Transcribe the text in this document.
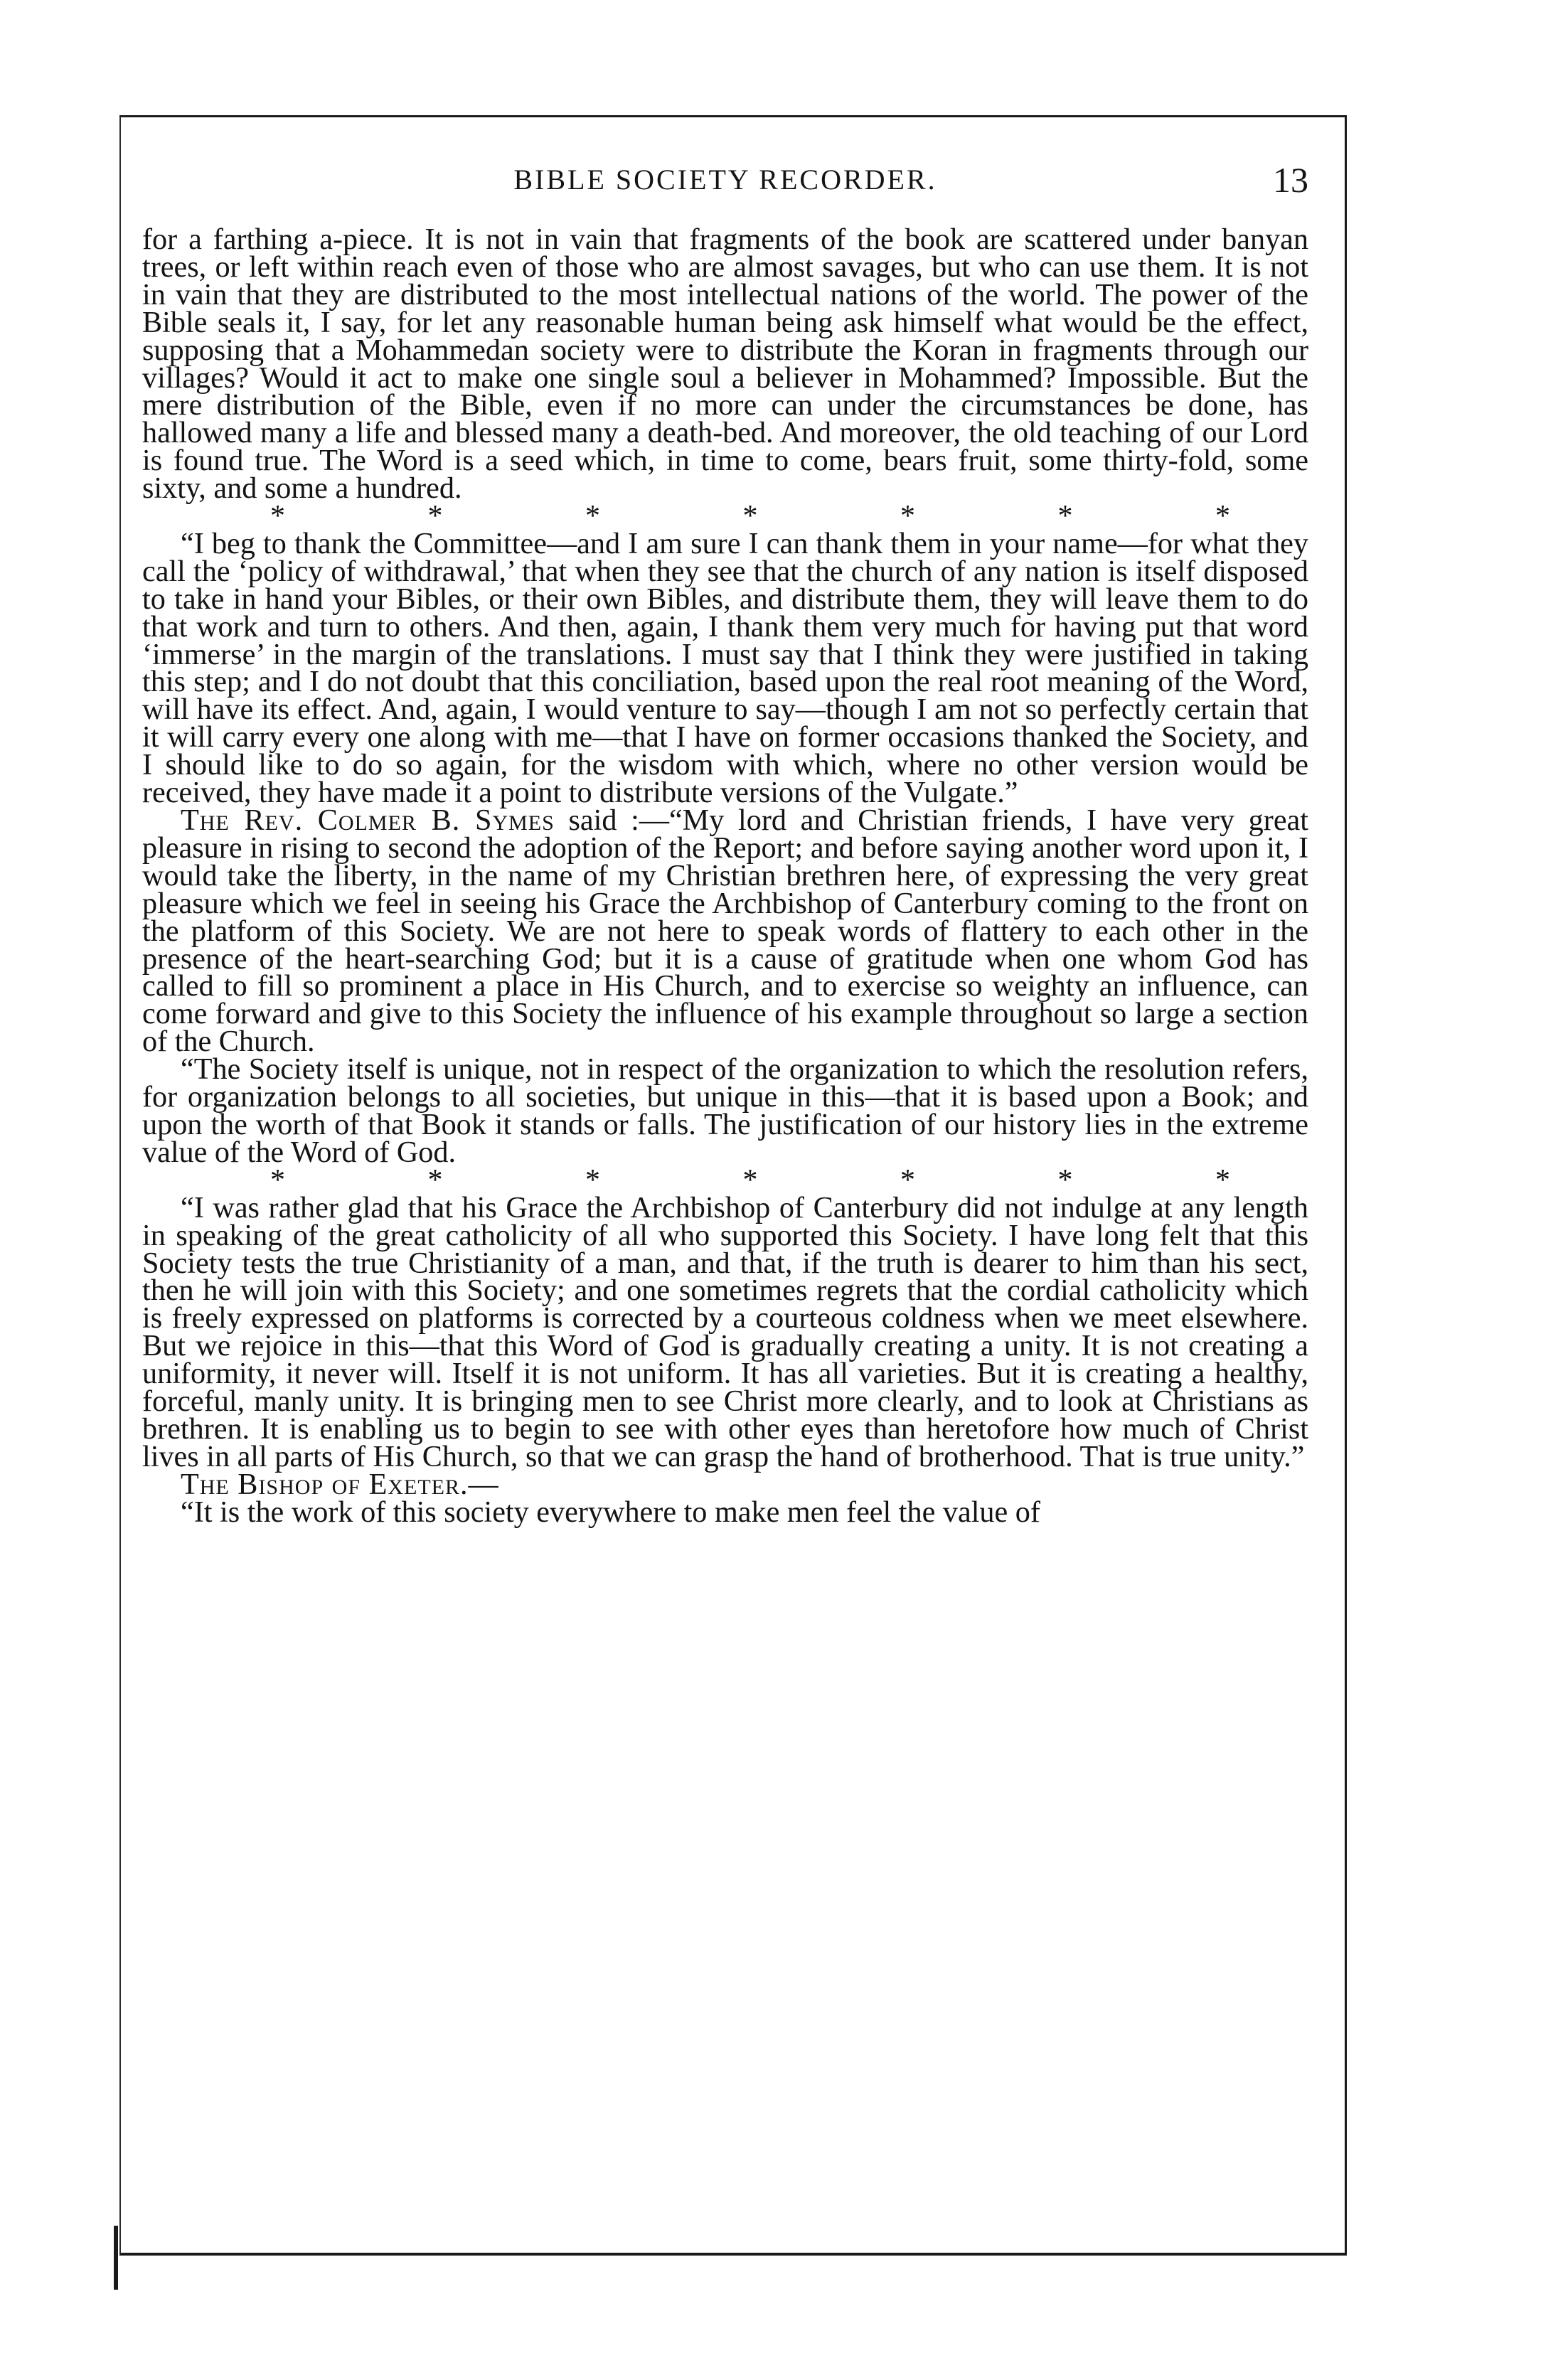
BIBLE SOCIETY RECORDER.	13

for a farthing a-piece. It is not in vain that fragments of the book are scattered under banyan trees, or left within reach even of those who are almost savages, but who can use them. It is not in vain that they are distributed to the most intellectual nations of the world. The power of the Bible seals it, I say, for let any reasonable human being ask himself what would be the effect, supposing that a Mohammedan society were to distribute the Koran in fragments through our villages? Would it act to make one single soul a believer in Mohammed? Impossible. But the mere distribution of the Bible, even if no more can under the circumstances be done, has hallowed many a life and blessed many a death-bed. And moreover, the old teaching of our Lord is found true. The Word is a seed which, in time to come, bears fruit, some thirty-fold, some sixty, and some a hundred.

*	*	*	*	*	*	*

“I beg to thank the Committee—and I am sure I can thank them in your name—for what they call the ‘policy of withdrawal,’ that when they see that the church of any nation is itself disposed to take in hand your Bibles, or their own Bibles, and distribute them, they will leave them to do that work and turn to others. And then, again, I thank them very much for having put that word ‘immerse’ in the margin of the translations. I must say that I think they were justified in taking this step; and I do not doubt that this conciliation, based upon the real root meaning of the Word, will have its effect. And, again, I would venture to say—though I am not so perfectly certain that it will carry every one along with me—that I have on former occasions thanked the Society, and I should like to do so again, for the wisdom with which, where no other version would be received, they have made it a point to distribute versions of the Vulgate.”

The Rev. Colmer B. Symes said :—“My lord and Christian friends, I have very great pleasure in rising to second the adoption of the Report; and before saying another word upon it, I would take the liberty, in the name of my Christian brethren here, of expressing the very great pleasure which we feel in seeing his Grace the Archbishop of Canterbury coming to the front on the platform of this Society. We are not here to speak words of flattery to each other in the presence of the heart-searching God; but it is a cause of gratitude when one whom God has called to fill so prominent a place in His Church, and to exercise so weighty an influence, can come forward and give to this Society the influence of his example throughout so large a section of the Church.

“The Society itself is unique, not in respect of the organization to which the resolution refers, for organization belongs to all societies, but unique in this—that it is based upon a Book; and upon the worth of that Book it stands or falls. The justification of our history lies in the extreme value of the Word of God.

*	*	*	*	*	*	*

“I was rather glad that his Grace the Archbishop of Canterbury did not indulge at any length in speaking of the great catholicity of all who supported this Society. I have long felt that this Society tests the true Christianity of a man, and that, if the truth is dearer to him than his sect, then he will join with this Society; and one sometimes regrets that the cordial catholicity which is freely expressed on platforms is corrected by a courteous coldness when we meet elsewhere. But we rejoice in this—that this Word of God is gradually creating a unity. It is not creating a uniformity, it never will. Itself it is not uniform. It has all varieties. But it is creating a healthy, forceful, manly unity. It is bringing men to see Christ more clearly, and to look at Christians as brethren. It is enabling us to begin to see with other eyes than heretofore how much of Christ lives in all parts of His Church, so that we can grasp the hand of brotherhood. That is true unity.”

The Bishop of Exeter.—

“It is the work of this society everywhere to make men feel the value of
